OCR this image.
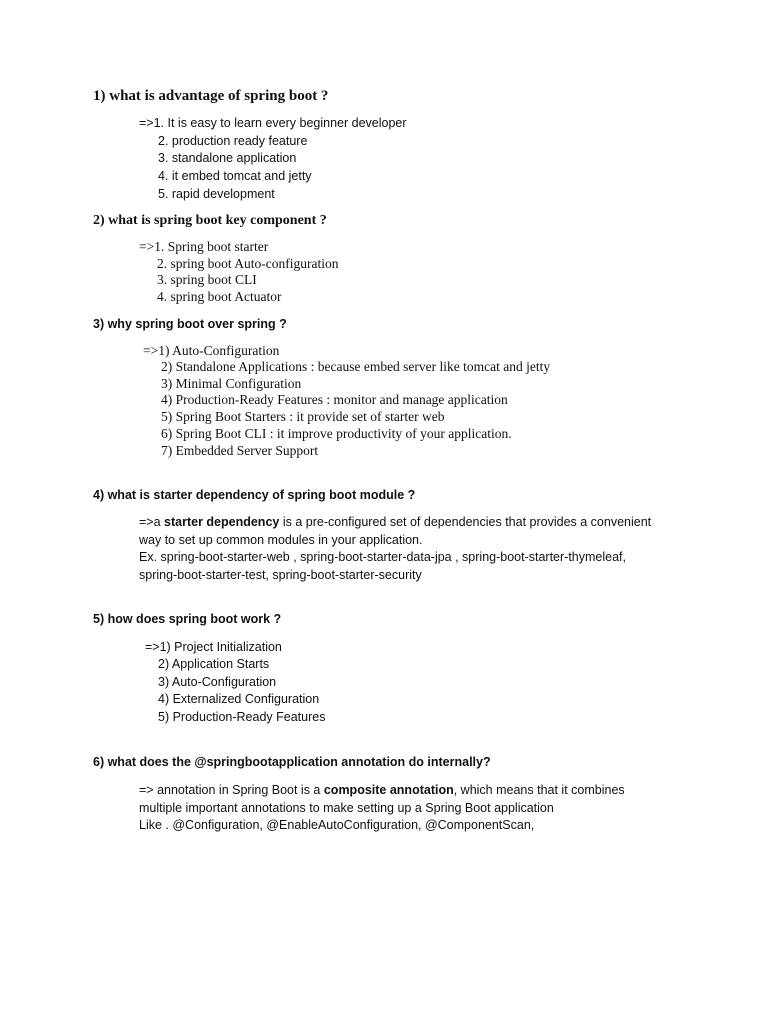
1) what is advantage of spring boot ?
=>1. It is easy to learn every beginner developer
2. production ready feature
3. standalone application
4. it embed tomcat and jetty
5. rapid development
2) what is spring boot key component ?
=>1. Spring boot starter
2. spring boot Auto-configuration
3. spring boot CLI
4. spring boot Actuator
3) why spring boot over spring ?
=>1) Auto-Configuration
2) Standalone Applications : because embed server like tomcat and jetty
3) Minimal Configuration
4) Production-Ready Features : monitor and manage application
5) Spring Boot Starters : it provide set of starter web
6) Spring Boot CLI : it improve productivity of your application.
7) Embedded Server Support
4) what is starter dependency of spring boot module ?
=>a starter dependency is a pre-configured set of dependencies that provides a convenient
way to set up common modules in your application.
Ex. spring-boot-starter-web , spring-boot-starter-data-jpa , spring-boot-starter-thymeleaf,
spring-boot-starter-test, spring-boot-starter-security
5) how does spring boot work ?
=>1) Project Initialization
2) Application Starts
3) Auto-Configuration
4) Externalized Configuration
5) Production-Ready Features
6) what does the @springbootapplication annotation do internally?
=> annotation in Spring Boot is a composite annotation, which means that it combines
multiple important annotations to make setting up a Spring Boot application
Like . @Configuration, @EnableAutoConfiguration, @ComponentScan,
